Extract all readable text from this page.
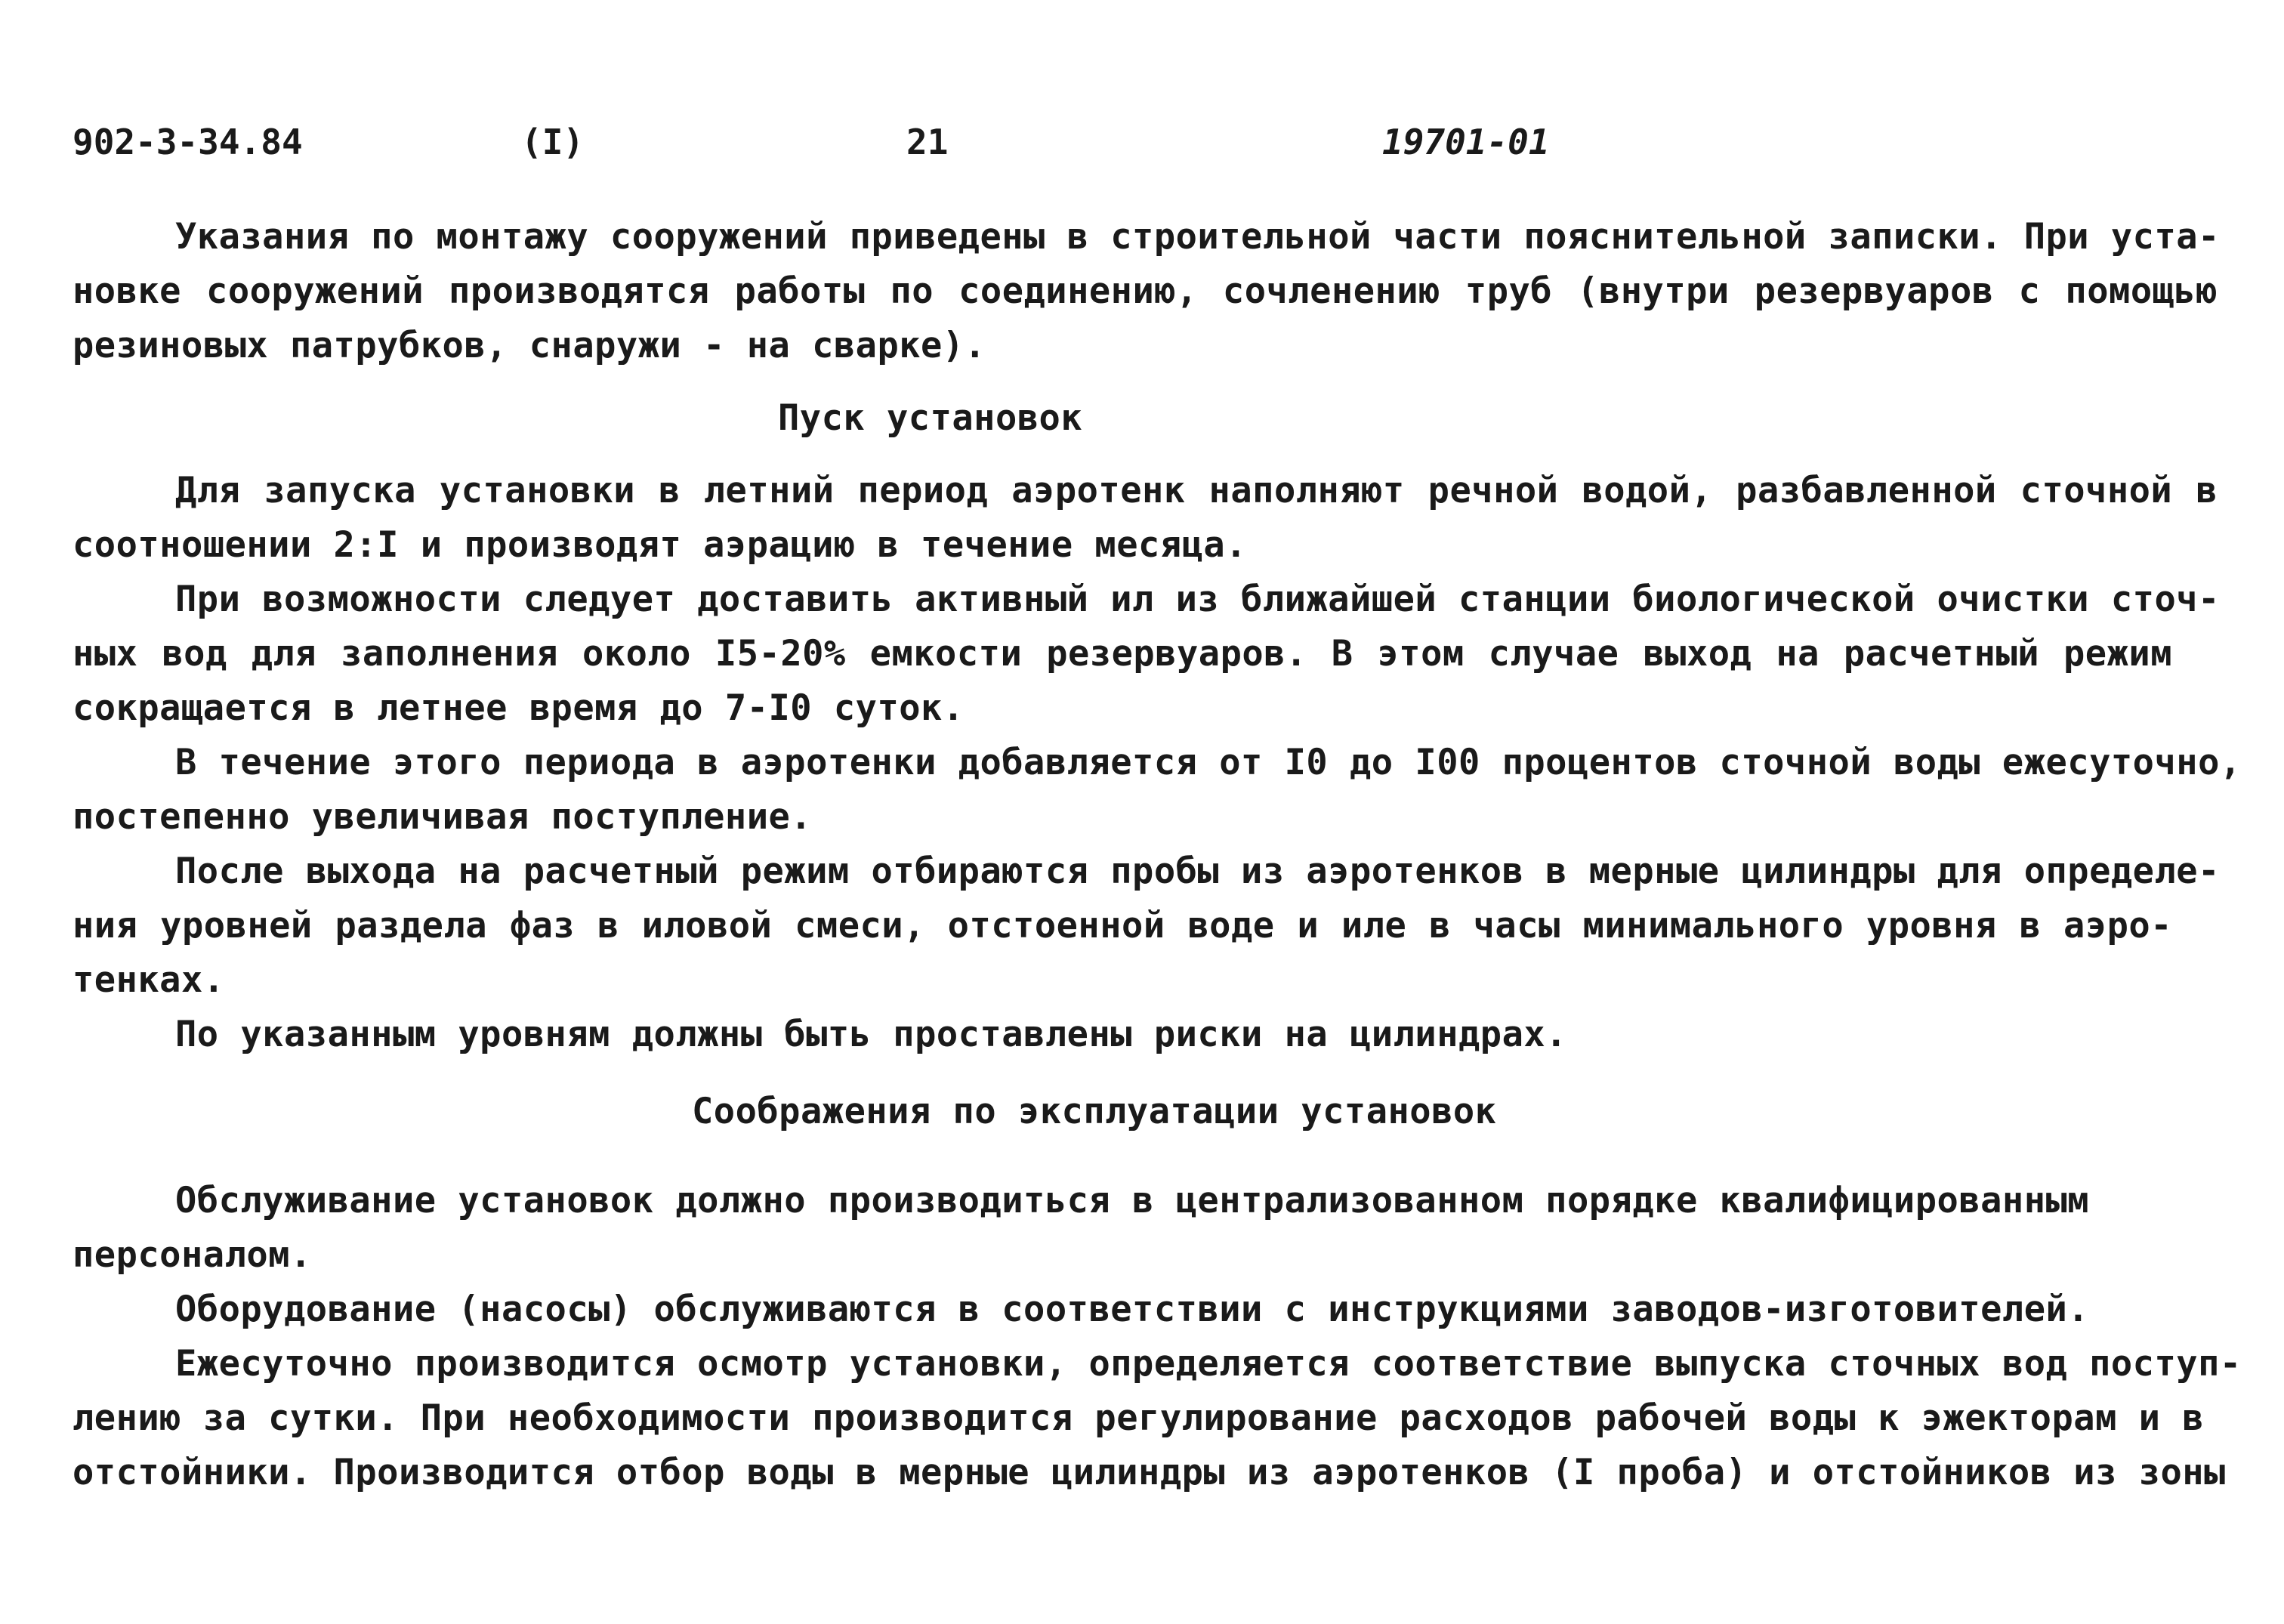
902-3-34.84	(I)	21	19701-01
Указания по монтажу сооружений приведены в строительной части пояснительной записки. При уста-
новке сооружений производятся работы по соединению, сочленению труб (внутри резервуаров с помощью
резиновых патрубков, снаружи - на сварке).
Пуск установок
Для запуска установки в летний период аэротенк наполняют речной водой, разбавленной сточной в
соотношении 2:I и производят аэрацию в течение месяца.
При возможности следует доставить активный ил из ближайшей станции биологической очистки сточ-
ных вод для заполнения около I5-20% емкости резервуаров. В этом случае выход на расчетный режим
сокращается в летнее время до 7-I0 суток.
В течение этого периода в аэротенки добавляется от I0 до I00 процентов сточной воды ежесуточно,
постепенно увеличивая поступление.
После выхода на расчетный режим отбираются пробы из аэротенков в мерные цилиндры для определе-
ния уровней раздела фаз в иловой смеси, отстоенной воде и иле в часы минимального уровня в аэро-
тенках.
По указанным уровням должны быть проставлены риски на цилиндрах.
Соображения по эксплуатации установок
Обслуживание установок должно производиться в централизованном порядке квалифицированным
персоналом.
Оборудование (насосы) обслуживаются в соответствии с инструкциями заводов-изготовителей.
Ежесуточно производится осмотр установки, определяется соответствие выпуска сточных вод поступ-
лению за сутки. При необходимости производится регулирование расходов рабочей воды к эжекторам и в
отстойники. Производится отбор воды в мерные цилиндры из аэротенков (I проба) и отстойников из зоны
